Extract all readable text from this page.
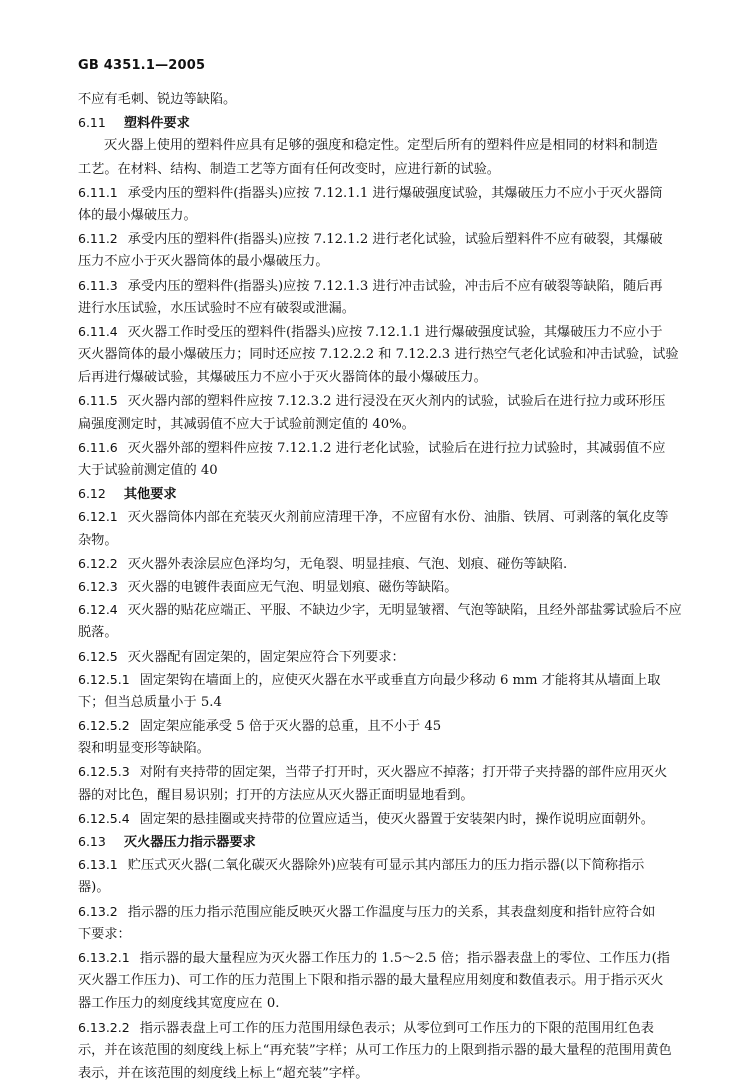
GB 4351.1—2005
不应有毛刺、锐边等缺陷。
6.11 塑料件要求
灭火器上使用的塑料件应具有足够的强度和稳定性。定型后所有的塑料件应是相同的材料和制造
工艺。在材料、结构、制造工艺等方面有任何改变时，应进行新的试验。
6.11.1 承受内压的塑料件(指器头)应按 7.12.1.1 进行爆破强度试验，其爆破压力不应小于灭火器筒
体的最小爆破压力。
6.11.2 承受内压的塑料件(指器头)应按 7.12.1.2 进行老化试验，试验后塑料件不应有破裂，其爆破
压力不应小于灭火器筒体的最小爆破压力。
6.11.3 承受内压的塑料件(指器头)应按 7.12.1.3 进行冲击试验，冲击后不应有破裂等缺陷，随后再
进行水压试验，水压试验时不应有破裂或泄漏。
6.11.4 灭火器工作时受压的塑料件(指器头)应按 7.12.1.1 进行爆破强度试验，其爆破压力不应小于
灭火器筒体的最小爆破压力；同时还应按 7.12.2.2 和 7.12.2.3 进行热空气老化试验和冲击试验，试验
后再进行爆破试验，其爆破压力不应小于灭火器筒体的最小爆破压力。
6.11.5 灭火器内部的塑料件应按 7.12.3.2 进行浸没在灭火剂内的试验，试验后在进行拉力或环形压
扁强度测定时，其减弱值不应大于试验前测定值的 40%。
6.11.6 灭火器外部的塑料件应按 7.12.1.2 进行老化试验，试验后在进行拉力试验时，其减弱值不应
大于试验前测定值的 40
6.12 其他要求
6.12.1 灭火器筒体内部在充装灭火剂前应清理干净，不应留有水份、油脂、铁屑、可剥落的氧化皮等
杂物。
6.12.2 灭火器外表涂层应色泽均匀，无龟裂、明显挂痕、气泡、划痕、碰伤等缺陷.
6.12.3 灭火器的电镀件表面应无气泡、明显划痕、磁伤等缺陷。
6.12.4 灭火器的贴花应端正、平服、不缺边少字，无明显皱褶、气泡等缺陷，且经外部盐雾试验后不应
脱落。
6.12.5 灭火器配有固定架的，固定架应符合下列要求：
6.12.5.1 固定架钩在墙面上的，应使灭火器在水平或垂直方向最少移动 6 mm 才能将其从墙面上取
下；但当总质量小于 5.4
6.12.5.2 固定架应能承受 5 倍于灭火器的总重，且不小于 45
裂和明显变形等缺陷。
6.12.5.3 对附有夹持带的固定架，当带子打开时，灭火器应不掉落；打开带子夹持器的部件应用灭火
器的对比色，醒目易识别；打开的方法应从灭火器正面明显地看到。
6.12.5.4 固定架的悬挂圈或夹持带的位置应适当，使灭火器置于安装架内时，操作说明应面朝外。
6.13 灭火器压力指示器要求
6.13.1 贮压式灭火器(二氧化碳灭火器除外)应装有可显示其内部压力的压力指示器(以下简称指示
器)。
6.13.2 指示器的压力指示范围应能反映灭火器工作温度与压力的关系，其表盘刻度和指针应符合如
下要求：
6.13.2.1 指示器的最大量程应为灭火器工作压力的 1.5～2.5 倍；指示器表盘上的零位、工作压力(指
灭火器工作压力)、可工作的压力范围上下限和指示器的最大量程应用刻度和数值表示。用于指示灭火
器工作压力的刻度线其宽度应在 0.
6.13.2.2 指示器表盘上可工作的压力范围用绿色表示；从零位到可工作压力的下限的范围用红色表
示，并在该范围的刻度线上标上“再充装”字样；从可工作压力的上限到指示器的最大量程的范围用黄色
表示，并在该范围的刻度线上标上“超充装”字样。
